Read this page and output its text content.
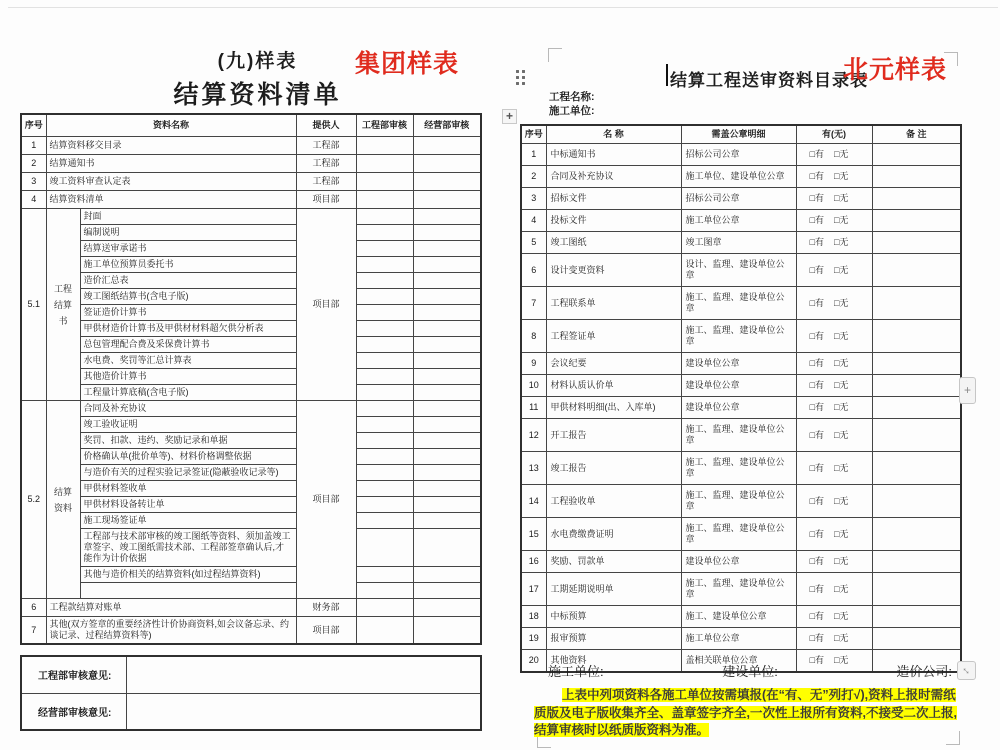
(九)样表	集团样表
结算资料清单
序号	资料名称		提供人	工程部审核	经营部审核
1	结算资料移交目录		工程部		
2	结算通知书		工程部		
3	竣工资料审查认定表		工程部		
4	结算资料清单		项目部		
5.1	工程结算书	封面	项目部		
		编制说明			
		结算送审承诺书			
		施工单位预算员委托书			
		造价汇总表			
		竣工图纸结算书(含电子版)			
		签证造价计算书			
		甲供材造价计算书及甲供材材料超欠供分析表			
		总包管理配合费及采保费计算书			
		水电费、奖罚等汇总计算表			
		其他造价计算书			
		工程量计算底稿(含电子版)			
5.2	结算资料	合同及补充协议	项目部		
		竣工验收证明			
		奖罚、扣款、违约、奖励记录和单据			
		价格确认单(批价单等)、材料价格调整依据			
		与造价有关的过程实验记录签证(隐蔽验收记录等)			
		甲供材料签收单			
		甲供材料设备转让单			
		施工现场签证单			
		工程部与技术部审核的竣工图纸等资料、须加盖竣工章签字、竣工图纸需技术部、工程部签章确认后,才能作为计价依据			
		其他与造价相关的结算资料(如过程结算资料)			

6	工程款结算对账单		财务部		
7	其他(双方签章的重要经济性计价协商资料,如会议备忘录、约谈记录、过程结算资料等)		项目部		
工程部审核意见:	
经营部审核意见:	
+
结算工程送审资料目录表
北元样表
工程名称:
施工单位:
序号	名 称	需盖公章明细	有(无)	备 注
1	中标通知书	招标公司公章	□有 □无	
2	合同及补充协议	施工单位、建设单位公章	□有 □无	
3	招标文件	招标公司公章	□有 □无	
4	投标文件	施工单位公章	□有 □无	
5	竣工图纸	竣工图章	□有 □无	
6	设计变更资料	设计、监理、建设单位公章	□有 □无	
7	工程联系单	施工、监理、建设单位公章	□有 □无	
8	工程签证单	施工、监理、建设单位公章	□有 □无	
9	会议纪要	建设单位公章	□有 □无	
10	材料认质认价单	建设单位公章	□有 □无	
11	甲供材料明细(出、入库单)	建设单位公章	□有 □无	
12	开工报告	施工、监理、建设单位公章	□有 □无	
13	竣工报告	施工、监理、建设单位公章	□有 □无	
14	工程验收单	施工、监理、建设单位公章	□有 □无	
15	水电费缴费证明	施工、监理、建设单位公章	□有 □无	
16	奖励、罚款单	建设单位公章	□有 □无	
17	工期延期说明单	施工、监理、建设单位公章	□有 □无	
18	中标预算	施工、建设单位公章	□有 □无	
19	报审预算	施工单位公章	□有 □无	
20	其他资料	盖相关联单位公章	□有 □无	
+
↔
施工单位:	建设单位:	造价公司:

上表中列项资料各施工单位按需填报(在“有、无”列打√),资料上报时需纸质版及电子版收集齐全、盖章签字齐全,一次性上报所有资料,不接受二次上报,结算审核时以纸质版资料为准。
